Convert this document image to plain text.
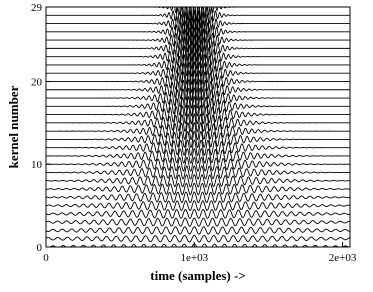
0	1e+03	2e+03
0
10
20
29
time (samples) ->
kernel number
